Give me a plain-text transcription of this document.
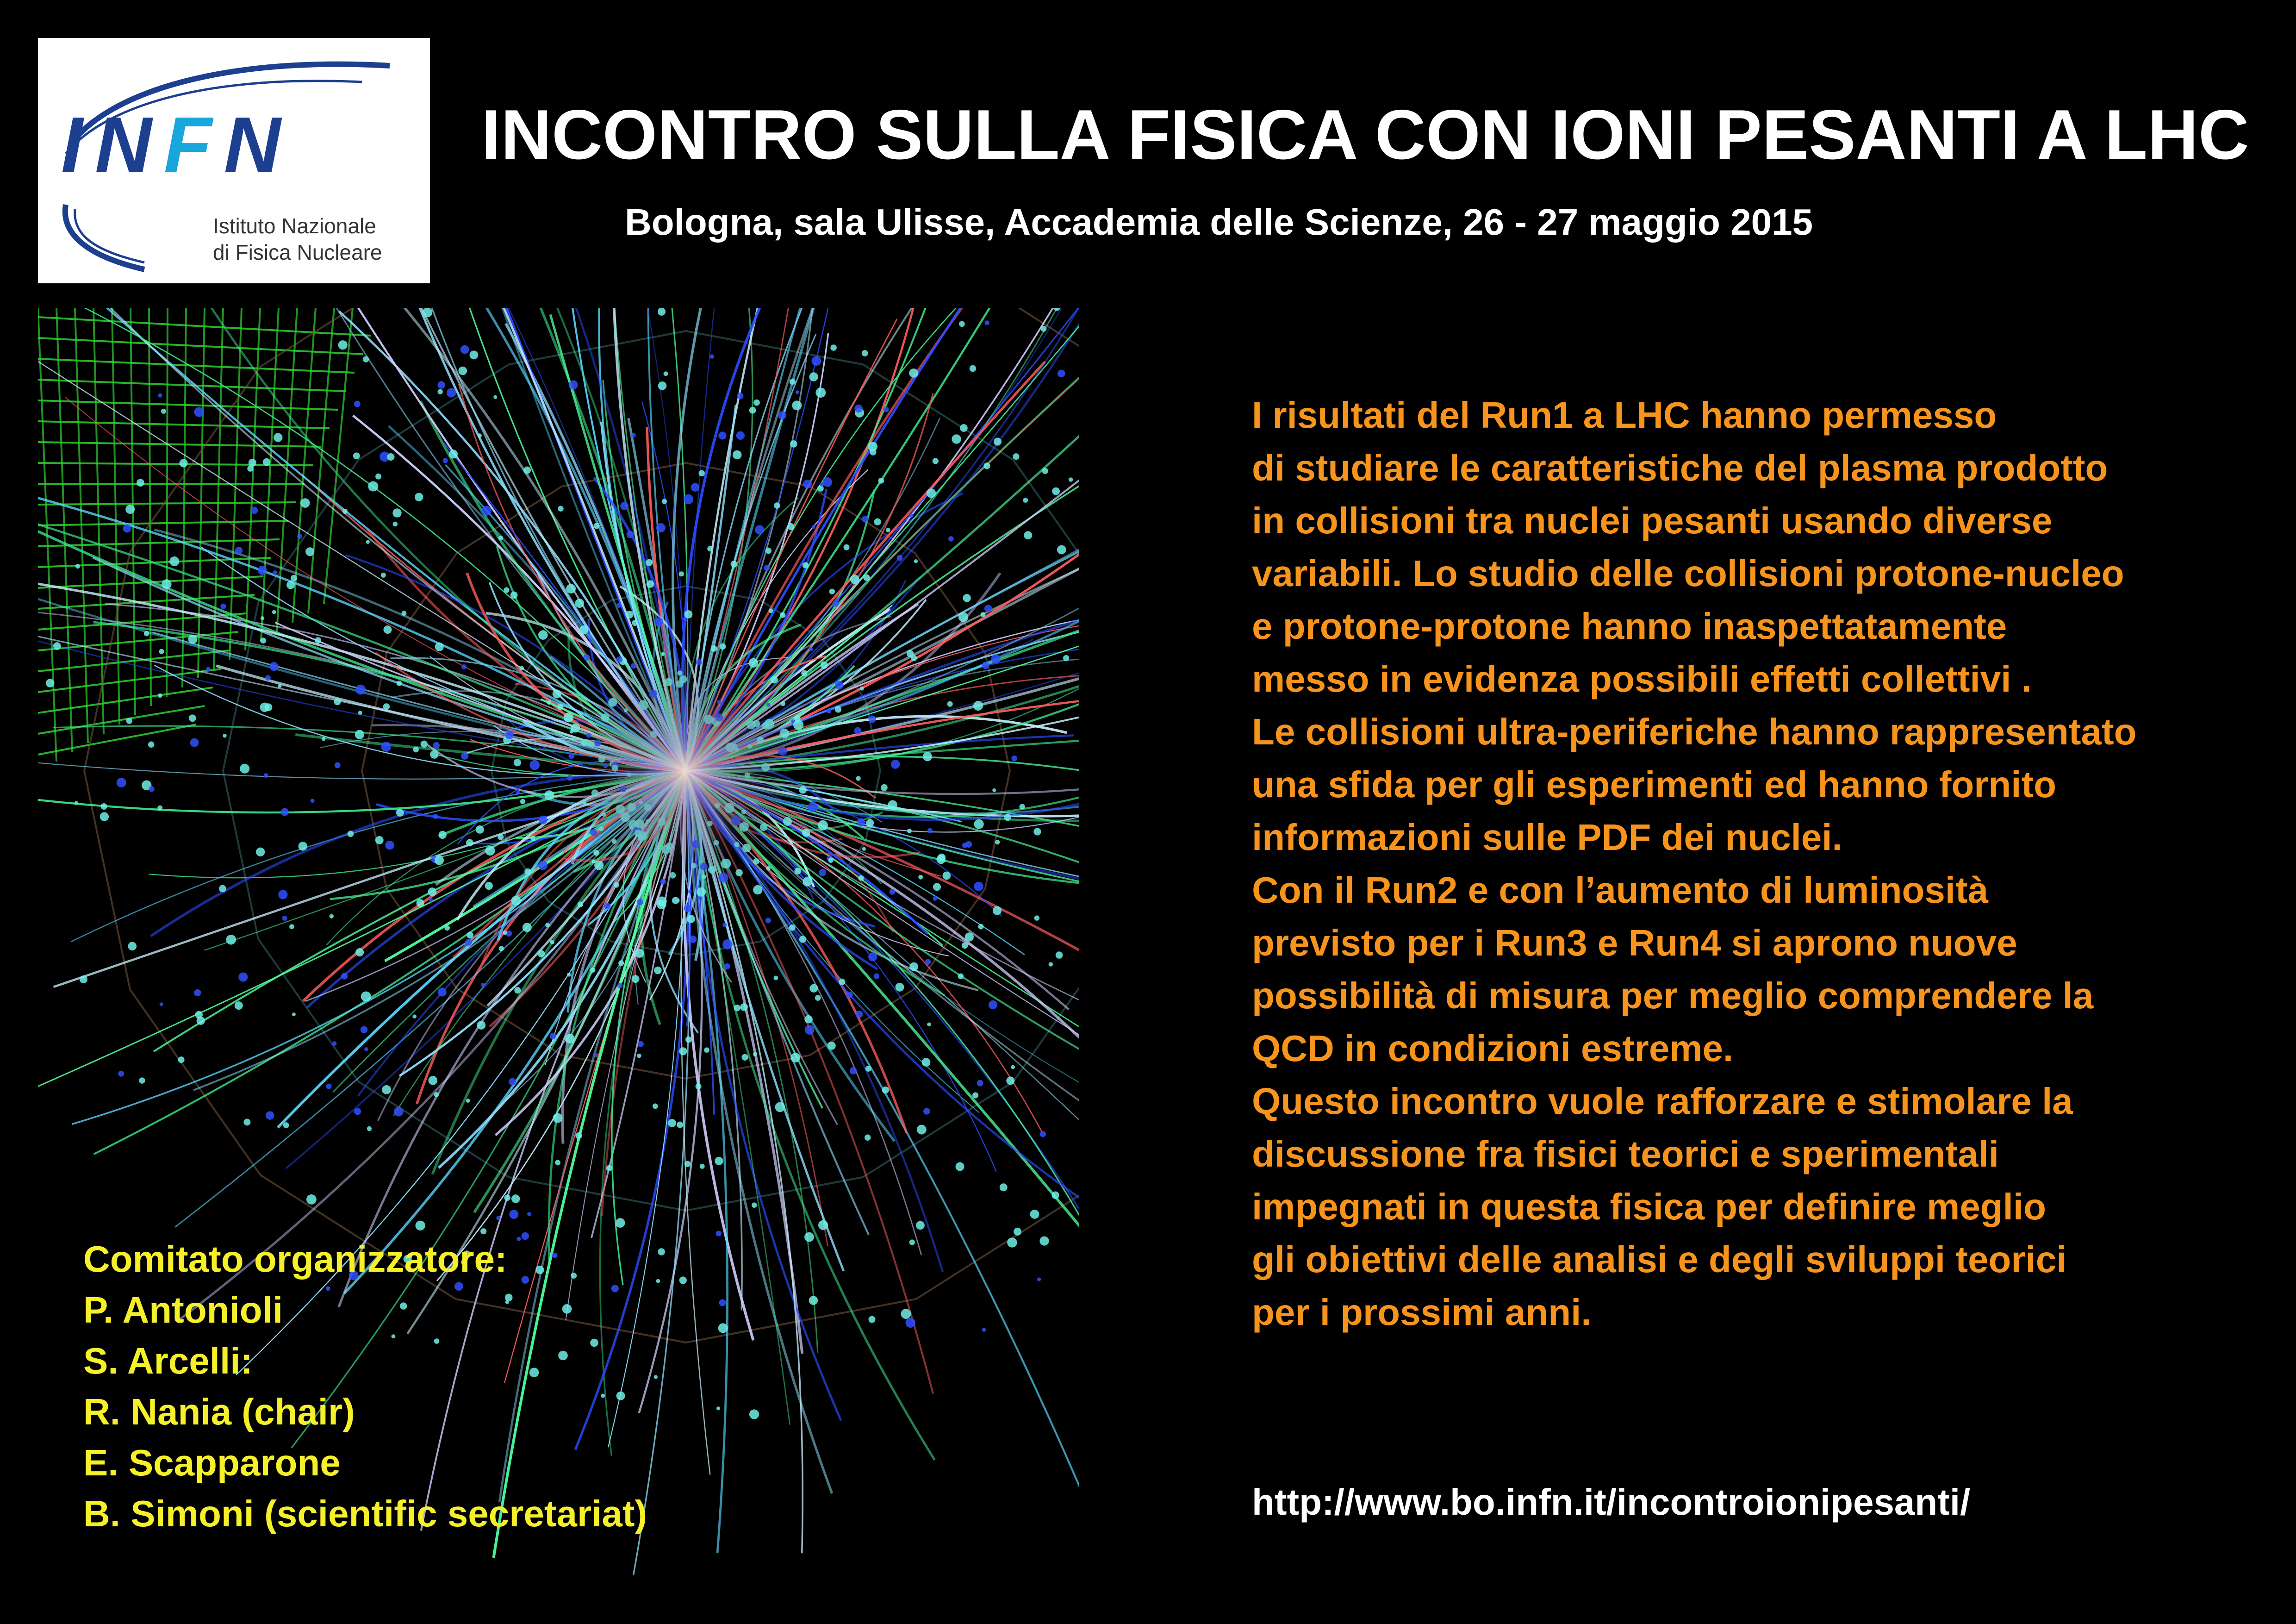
INFN
Istituto Nazionale
di Fisica Nucleare
INCONTRO SULLA FISICA CON IONI PESANTI A LHC
Bologna, sala Ulisse, Accademia delle Scienze, 26 - 27 maggio 2015
I risultati del Run1 a LHC hanno permesso
di studiare le caratteristiche del plasma prodotto
in collisioni tra nuclei pesanti usando diverse
variabili. Lo studio delle collisioni protone-nucleo
e protone-protone hanno inaspettatamente
messo in evidenza possibili effetti collettivi .
Le collisioni ultra-periferiche hanno rappresentato
una sfida per gli esperimenti ed hanno fornito
informazioni sulle PDF dei nuclei.
Con il Run2 e con l’aumento di luminosità
previsto per i Run3 e Run4 si aprono nuove
possibilità di misura per meglio comprendere la
QCD in condizioni estreme.
Questo incontro vuole rafforzare e stimolare la
discussione fra fisici teorici e sperimentali
impegnati in questa fisica per definire meglio
gli obiettivi delle analisi e degli sviluppi teorici
per i prossimi anni.
Comitato organizzatore:
P. Antonioli
S. Arcelli:
R. Nania (chair)
E. Scapparone
B. Simoni (scientific secretariat)	http://www.bo.infn.it/incontroionipesanti/
